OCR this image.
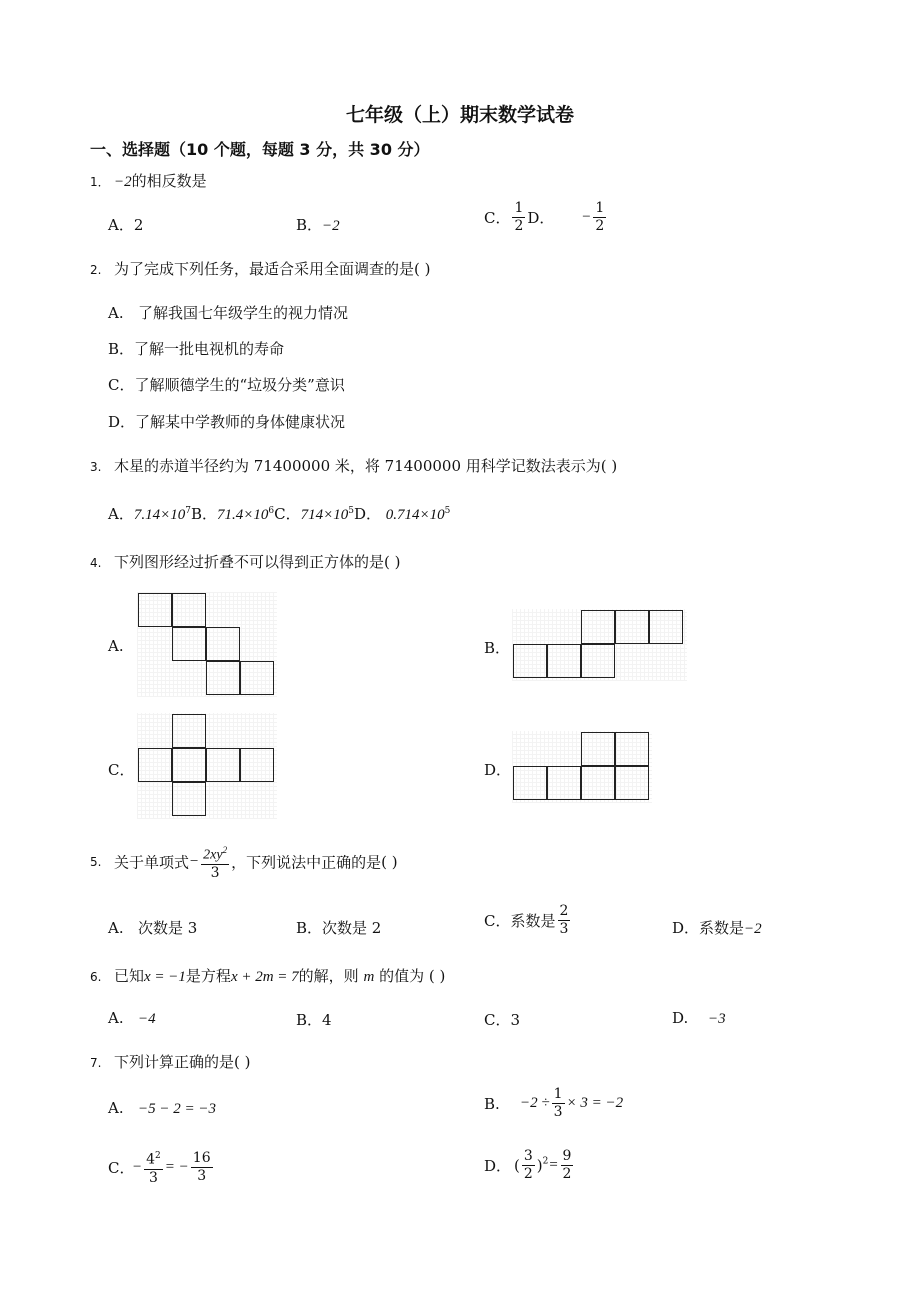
七年级（上）期末数学试卷
一、选择题（10 个题，每题 3 分，共 30 分）
1． −2的相反数是
A．2	B．−2	C． $\frac{1}{2}$ D． − $\frac{1}{2}$
2. 为了完成下列任务，最适合采用全面调查的是( )
A. 了解我国七年级学生的视力情况
B．了解一批电视机的寿命
C．了解顺德学生的“垃圾分类”意识
D．了解某中学教师的身体健康状况
3. 木星的赤道半径约为 71400000 米，将 71400000 用科学记数法表示为( )
A．$7.14\times 10^7B$．$71.4\times 10^6C$．$714\times 10^5D$． $0.714\times 10^5$
4. 下列图形经过折叠不可以得到正方体的是( )
A.	B．
C．	D．
5. 关于单项式− $\frac{2xy^2}{3}$ ，下列说法中正确的是( )
A. 次数是 3	B．次数是 2	C．系数是 $\frac{2}{3}$	D．系数是−2
6. 已知x = −1是方程x + 2m = 7的解，则 m 的值为 ( )
A. −4	B．4	C．3	D. −3
7. 下列计算正确的是( )
A. −5 − 2 = −3	B. $-2 \div \frac{1}{3} \times 3 = -2$
C．− $\frac{4^2}{3}$ = − $\frac{16}{3}$	D． ( $\frac{3}{2} )^2= \frac{9}{2}$
